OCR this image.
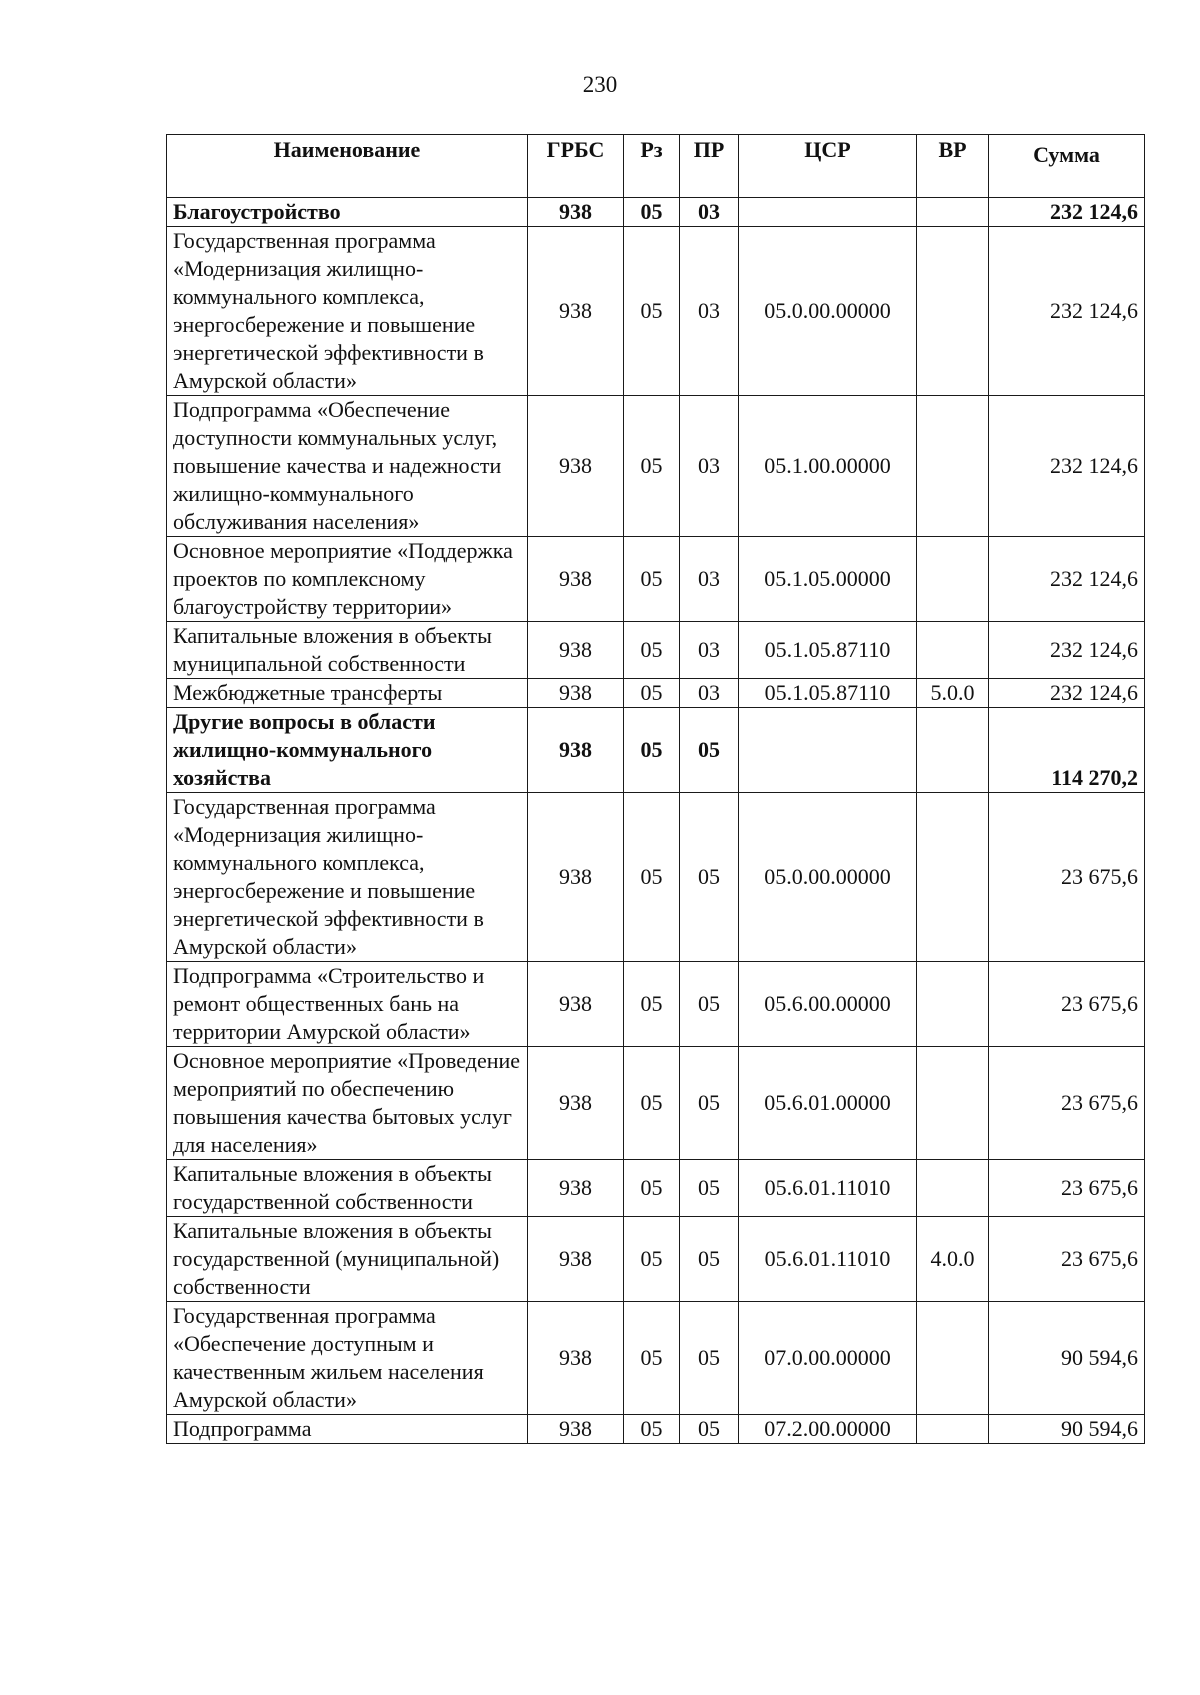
230
Наименование	ГРБС	Рз	ПР	ЦСР	ВР	Сумма
Благоустройство	938	05	03			232 124,6
Государственная программа «Модернизация жилищно-коммунального комплекса, энергосбережение и повышение энергетической эффективности в Амурской области»	938	05	03	05.0.00.00000		232 124,6
Подпрограмма «Обеспечение доступности коммунальных услуг, повышение качества и надежности жилищно-коммунального обслуживания населения»	938	05	03	05.1.00.00000		232 124,6
Основное мероприятие «Поддержка проектов по комплексному благоустройству территории»	938	05	03	05.1.05.00000		232 124,6
Капитальные вложения в объекты муниципальной собственности	938	05	03	05.1.05.87110		232 124,6
Межбюджетные трансферты	938	05	03	05.1.05.87110	5.0.0	232 124,6
Другие вопросы в области жилищно-коммунального хозяйства	938	05	05			114 270,2
Государственная программа «Модернизация жилищно-коммунального комплекса, энергосбережение и повышение энергетической эффективности в Амурской области»	938	05	05	05.0.00.00000		23 675,6
Подпрограмма «Строительство и ремонт общественных бань на территории Амурской области»	938	05	05	05.6.00.00000		23 675,6
Основное мероприятие «Проведение мероприятий по обеспечению повышения качества бытовых услуг для населения»	938	05	05	05.6.01.00000		23 675,6
Капитальные вложения в объекты государственной собственности	938	05	05	05.6.01.11010		23 675,6
Капитальные вложения в объекты государственной (муниципальной) собственности	938	05	05	05.6.01.11010	4.0.0	23 675,6
Государственная программа «Обеспечение доступным и качественным жильем населения Амурской области»	938	05	05	07.0.00.00000		90 594,6
Подпрограмма	938	05	05	07.2.00.00000		90 594,6
